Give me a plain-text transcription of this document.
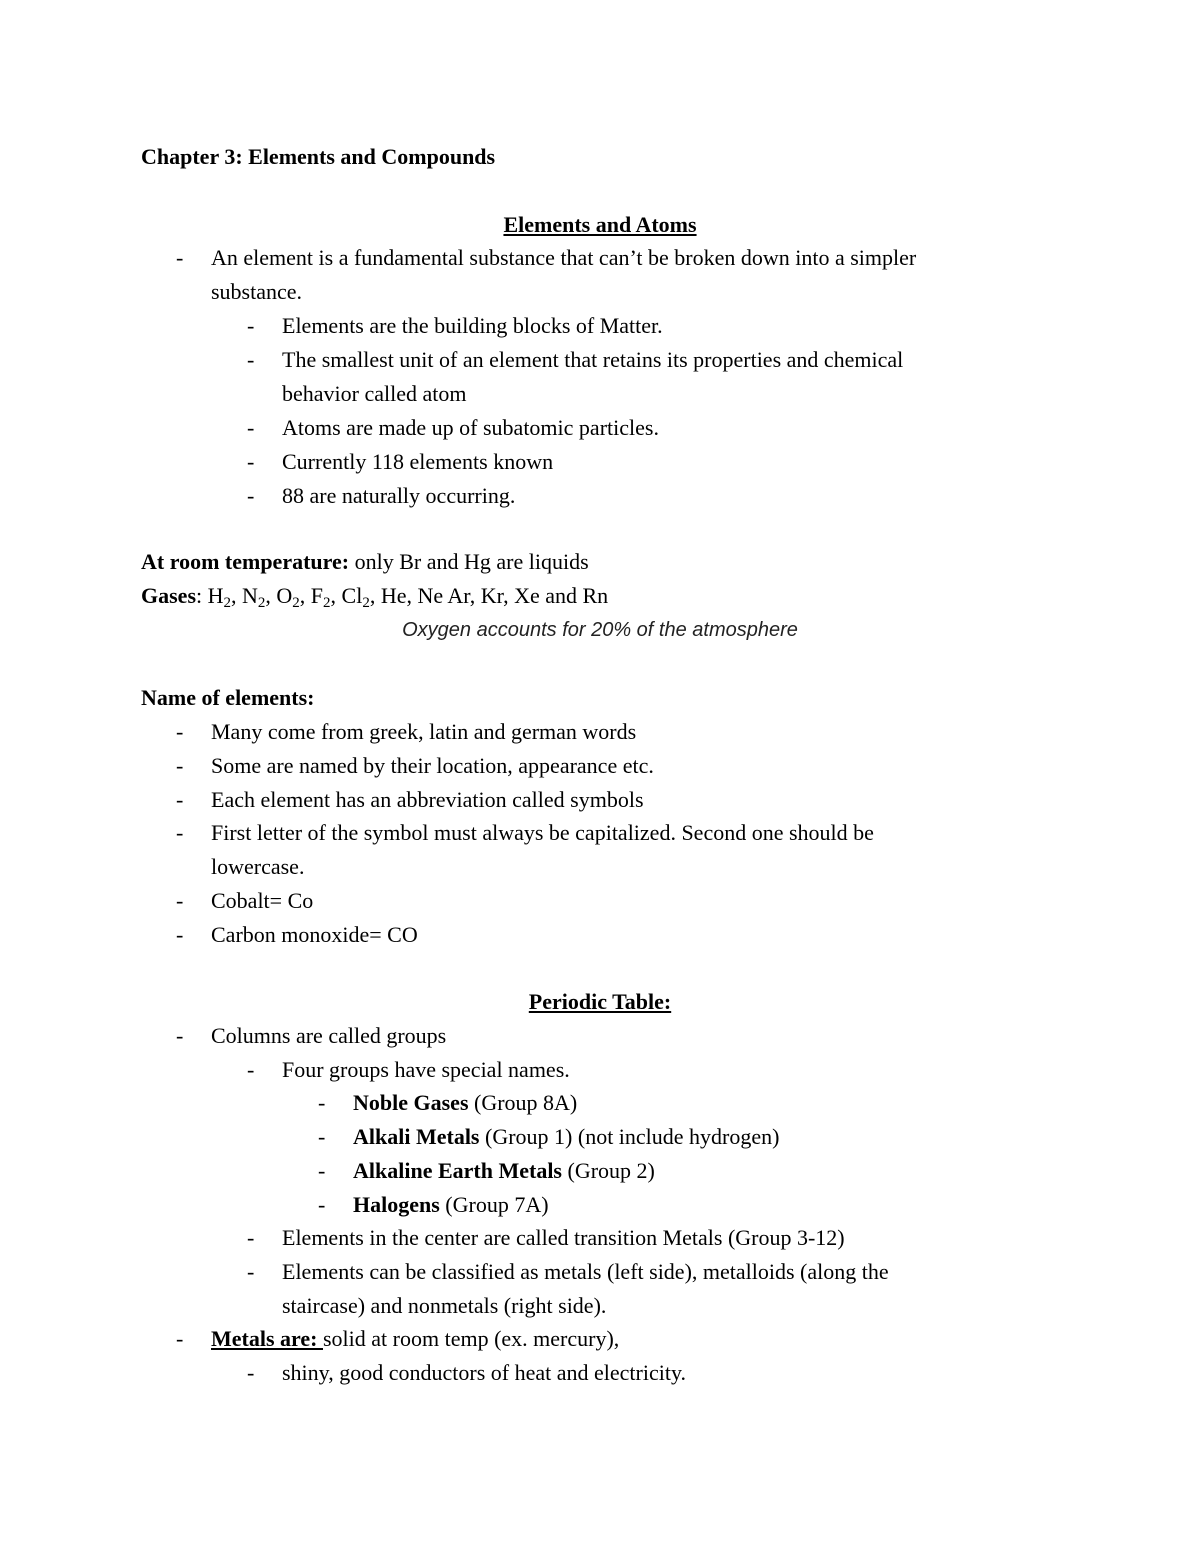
Chapter 3: Elements and Compounds
Elements and Atoms
- An element is a fundamental substance that can’t be broken down into a simpler
substance.
- Elements are the building blocks of Matter.
- The smallest unit of an element that retains its properties and chemical
behavior called atom
- Atoms are made up of subatomic particles.
- Currently 118 elements known
- 88 are naturally occurring.
At room temperature: only Br and Hg are liquids
Gases: $H_2$, $N_2$, $O_2$, $F_2$, $Cl_2$, He, Ne Ar, Kr, Xe and Rn
Oxygen accounts for 20% of the atmosphere
Name of elements:
- Many come from greek, latin and german words
- Some are named by their location, appearance etc.
- Each element has an abbreviation called symbols
- First letter of the symbol must always be capitalized. Second one should be
lowercase.
- Cobalt= Co
- Carbon monoxide= CO
Periodic Table:
- Columns are called groups
- Four groups have special names.
- Noble Gases (Group 8A)
- Alkali Metals (Group 1) (not include hydrogen)
- Alkaline Earth Metals (Group 2)
- Halogens (Group 7A)
- Elements in the center are called transition Metals (Group 3-12)
- Elements can be classified as metals (left side), metalloids (along the
staircase) and nonmetals (right side).
- Metals are: solid at room temp (ex. mercury),
- shiny, good conductors of heat and electricity.
